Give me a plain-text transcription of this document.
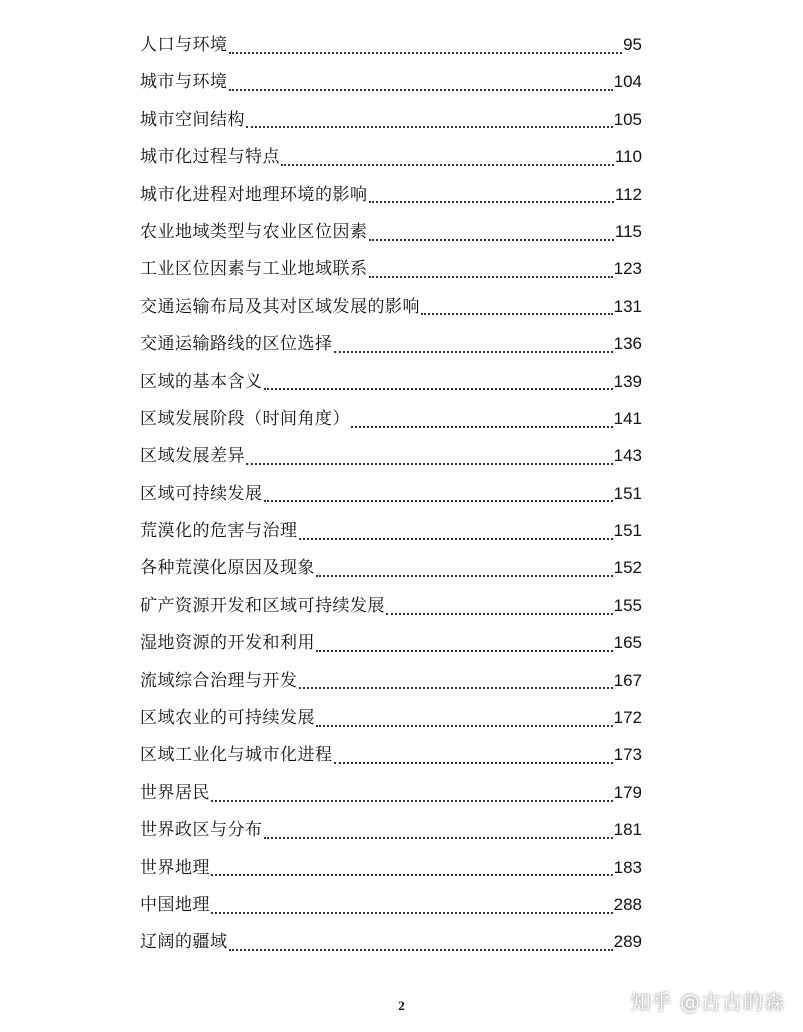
人口与环境	95
城市与环境	104
城市空间结构	105
城市化过程与特点	110
城市化进程对地理环境的影响	112
农业地域类型与农业区位因素	115
工业区位因素与工业地域联系	123
交通运输布局及其对区域发展的影响	131
交通运输路线的区位选择	136
区域的基本含义	139
区域发展阶段（时间角度）	141
区域发展差异	143
区域可持续发展	151
荒漠化的危害与治理	151
各种荒漠化原因及现象	152
矿产资源开发和区域可持续发展	155
湿地资源的开发和利用	165
流域综合治理与开发	167
区域农业的可持续发展	172
区域工业化与城市化进程	173
世界居民	179
世界政区与分布	181
世界地理	183
中国地理	288
辽阔的疆域	289
2	知乎 @古古的森
